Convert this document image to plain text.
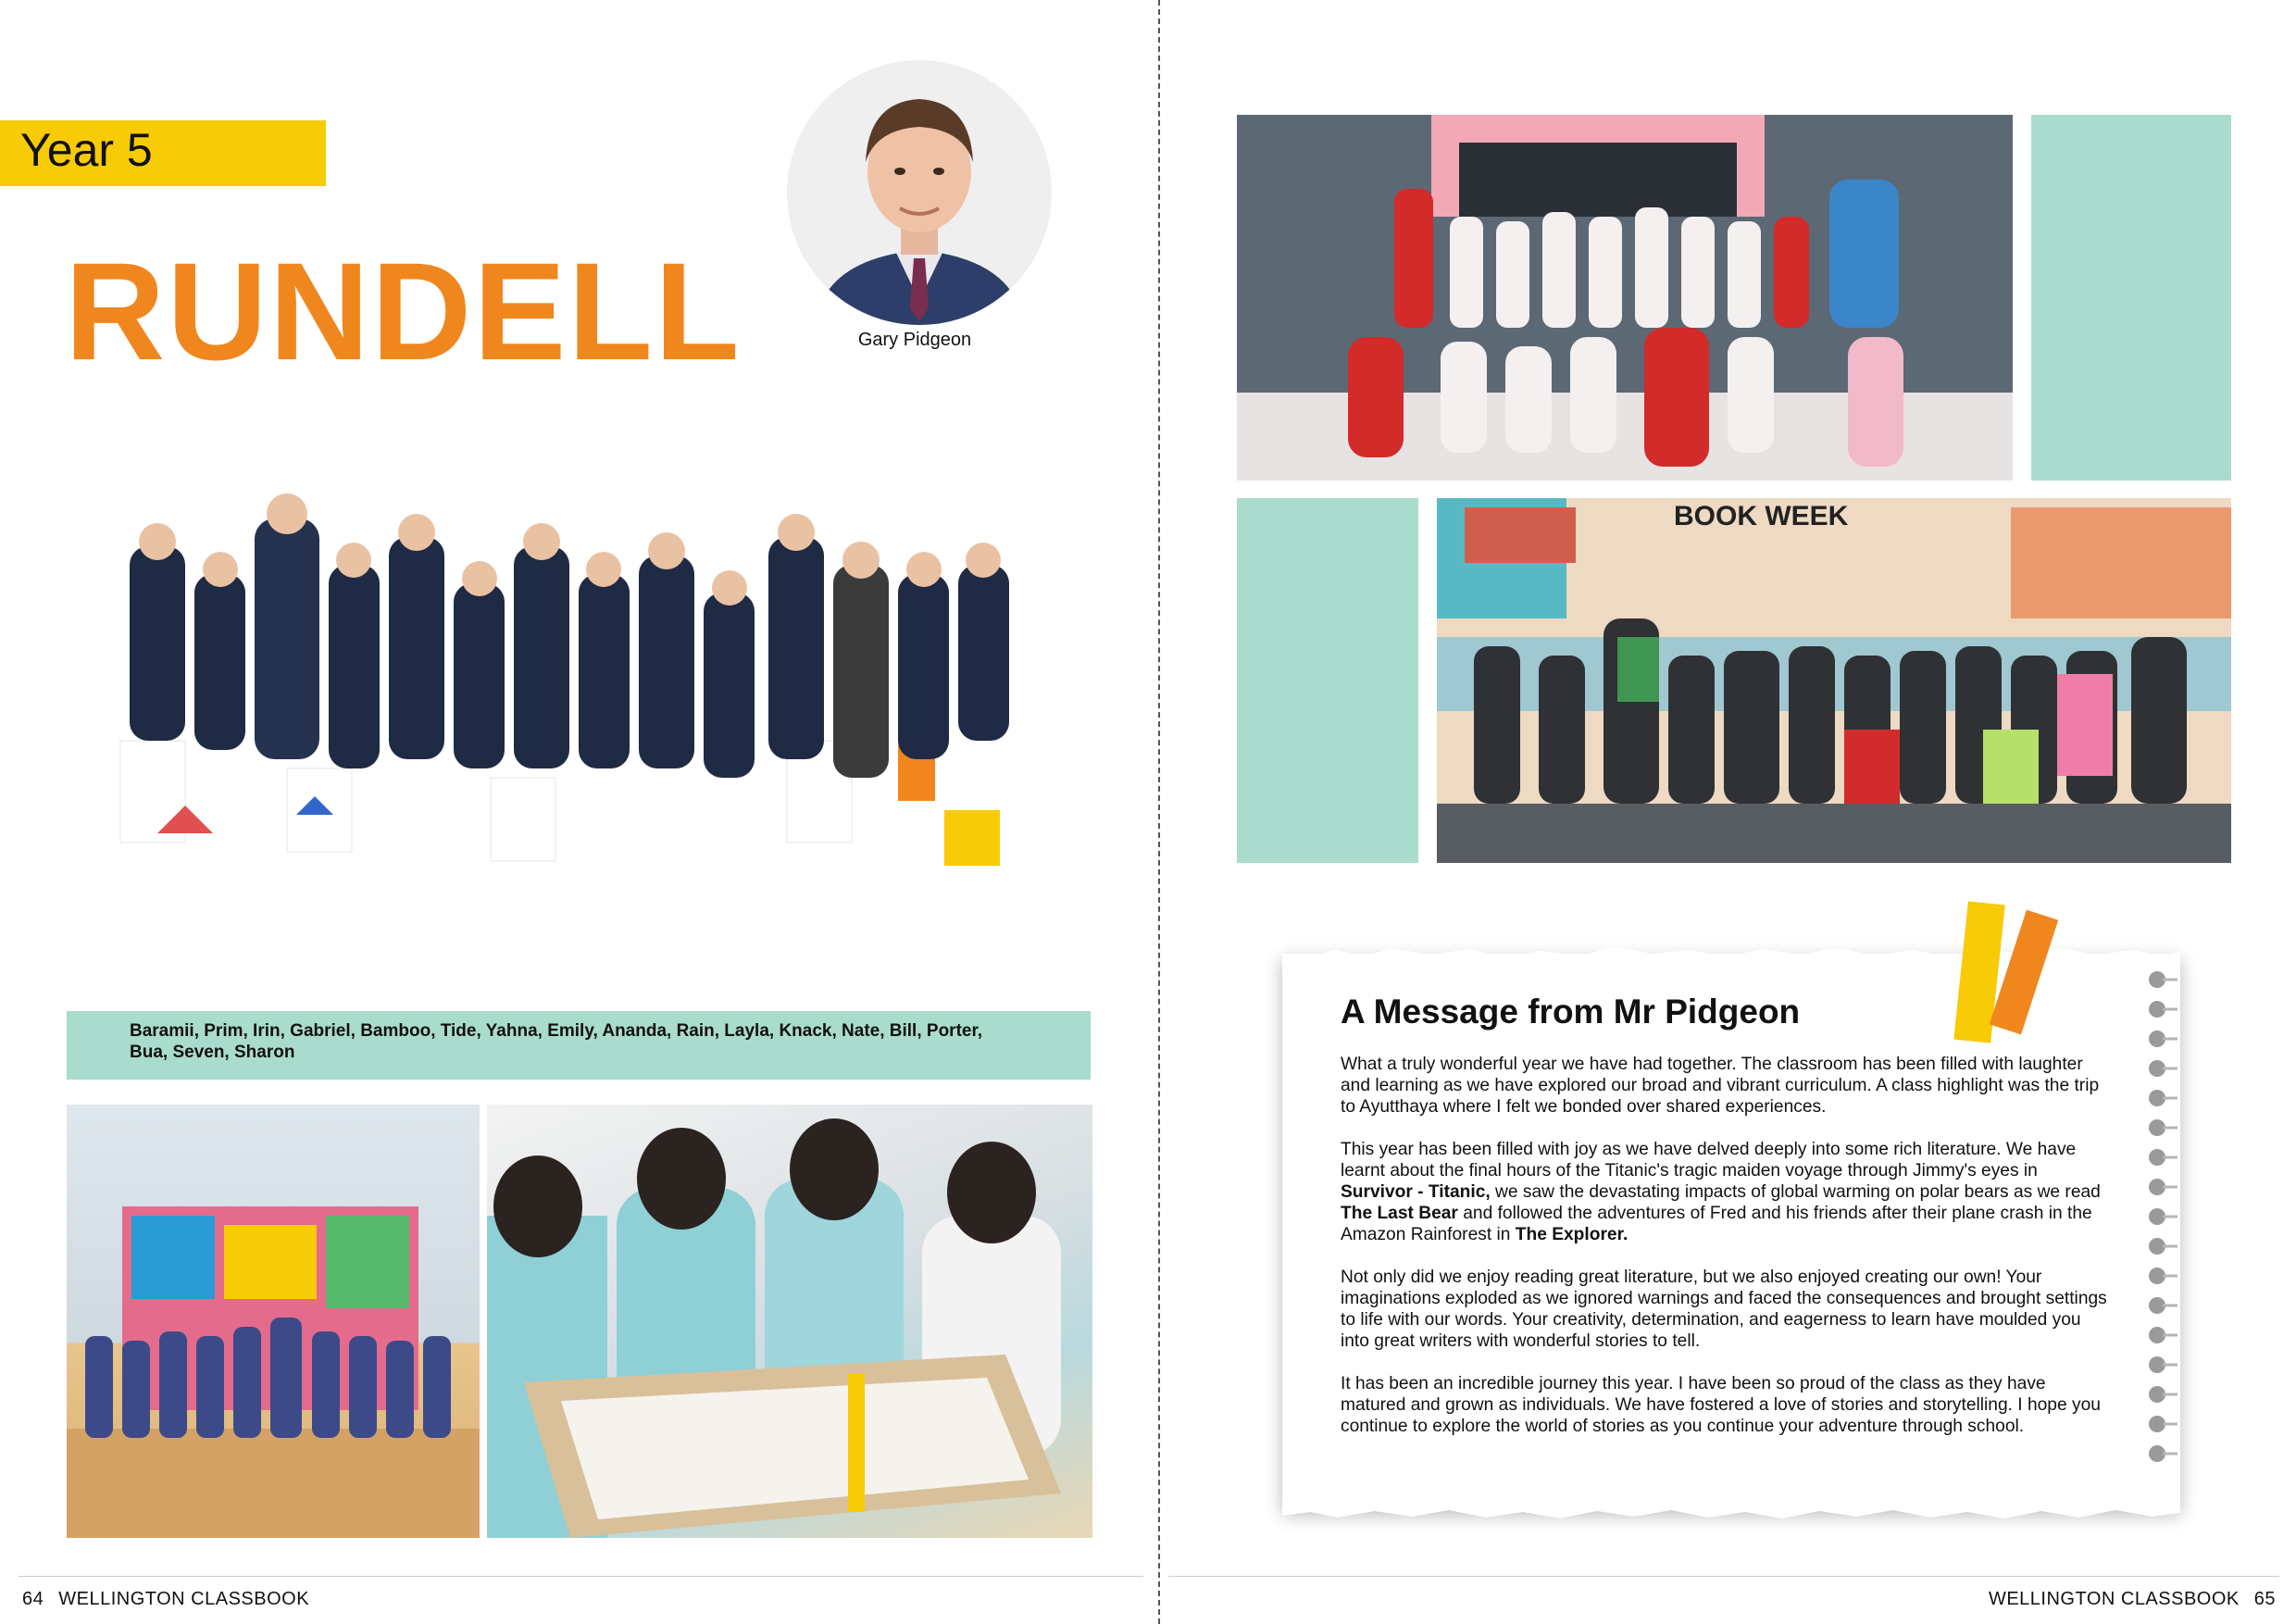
Year 5
RUNDELL	Gary Pidgeon
Baramii, Prim, Irin, Gabriel, Bamboo, Tide, Yahna, Emily, Ananda, Rain, Layla, Knack, Nate, Bill, Porter, Bua, Seven, Sharon
64 WELLINGTON CLASSBOOK
BOOK WEEK
A Message from Mr Pidgeon

What a truly wonderful year we have had together. The classroom has been filled with laughter and learning as we have explored our broad and vibrant curriculum. A class highlight was the trip to Ayutthaya where I felt we bonded over shared experiences.

This year has been filled with joy as we have delved deeply into some rich literature. We have learnt about the final hours of the Titanic's tragic maiden voyage through Jimmy's eyes in Survivor - Titanic, we saw the devastating impacts of global warming on polar bears as we read The Last Bear and followed the adventures of Fred and his friends after their plane crash in the Amazon Rainforest in The Explorer.

Not only did we enjoy reading great literature, but we also enjoyed creating our own! Your imaginations exploded as we ignored warnings and faced the consequences and brought settings to life with our words. Your creativity, determination, and eagerness to learn have moulded you into great writers with wonderful stories to tell.

It has been an incredible journey this year. I have been so proud of the class as they have matured and grown as individuals. We have fostered a love of stories and storytelling. I hope you continue to explore the world of stories as you continue your adventure through school.

WELLINGTON CLASSBOOK 65
